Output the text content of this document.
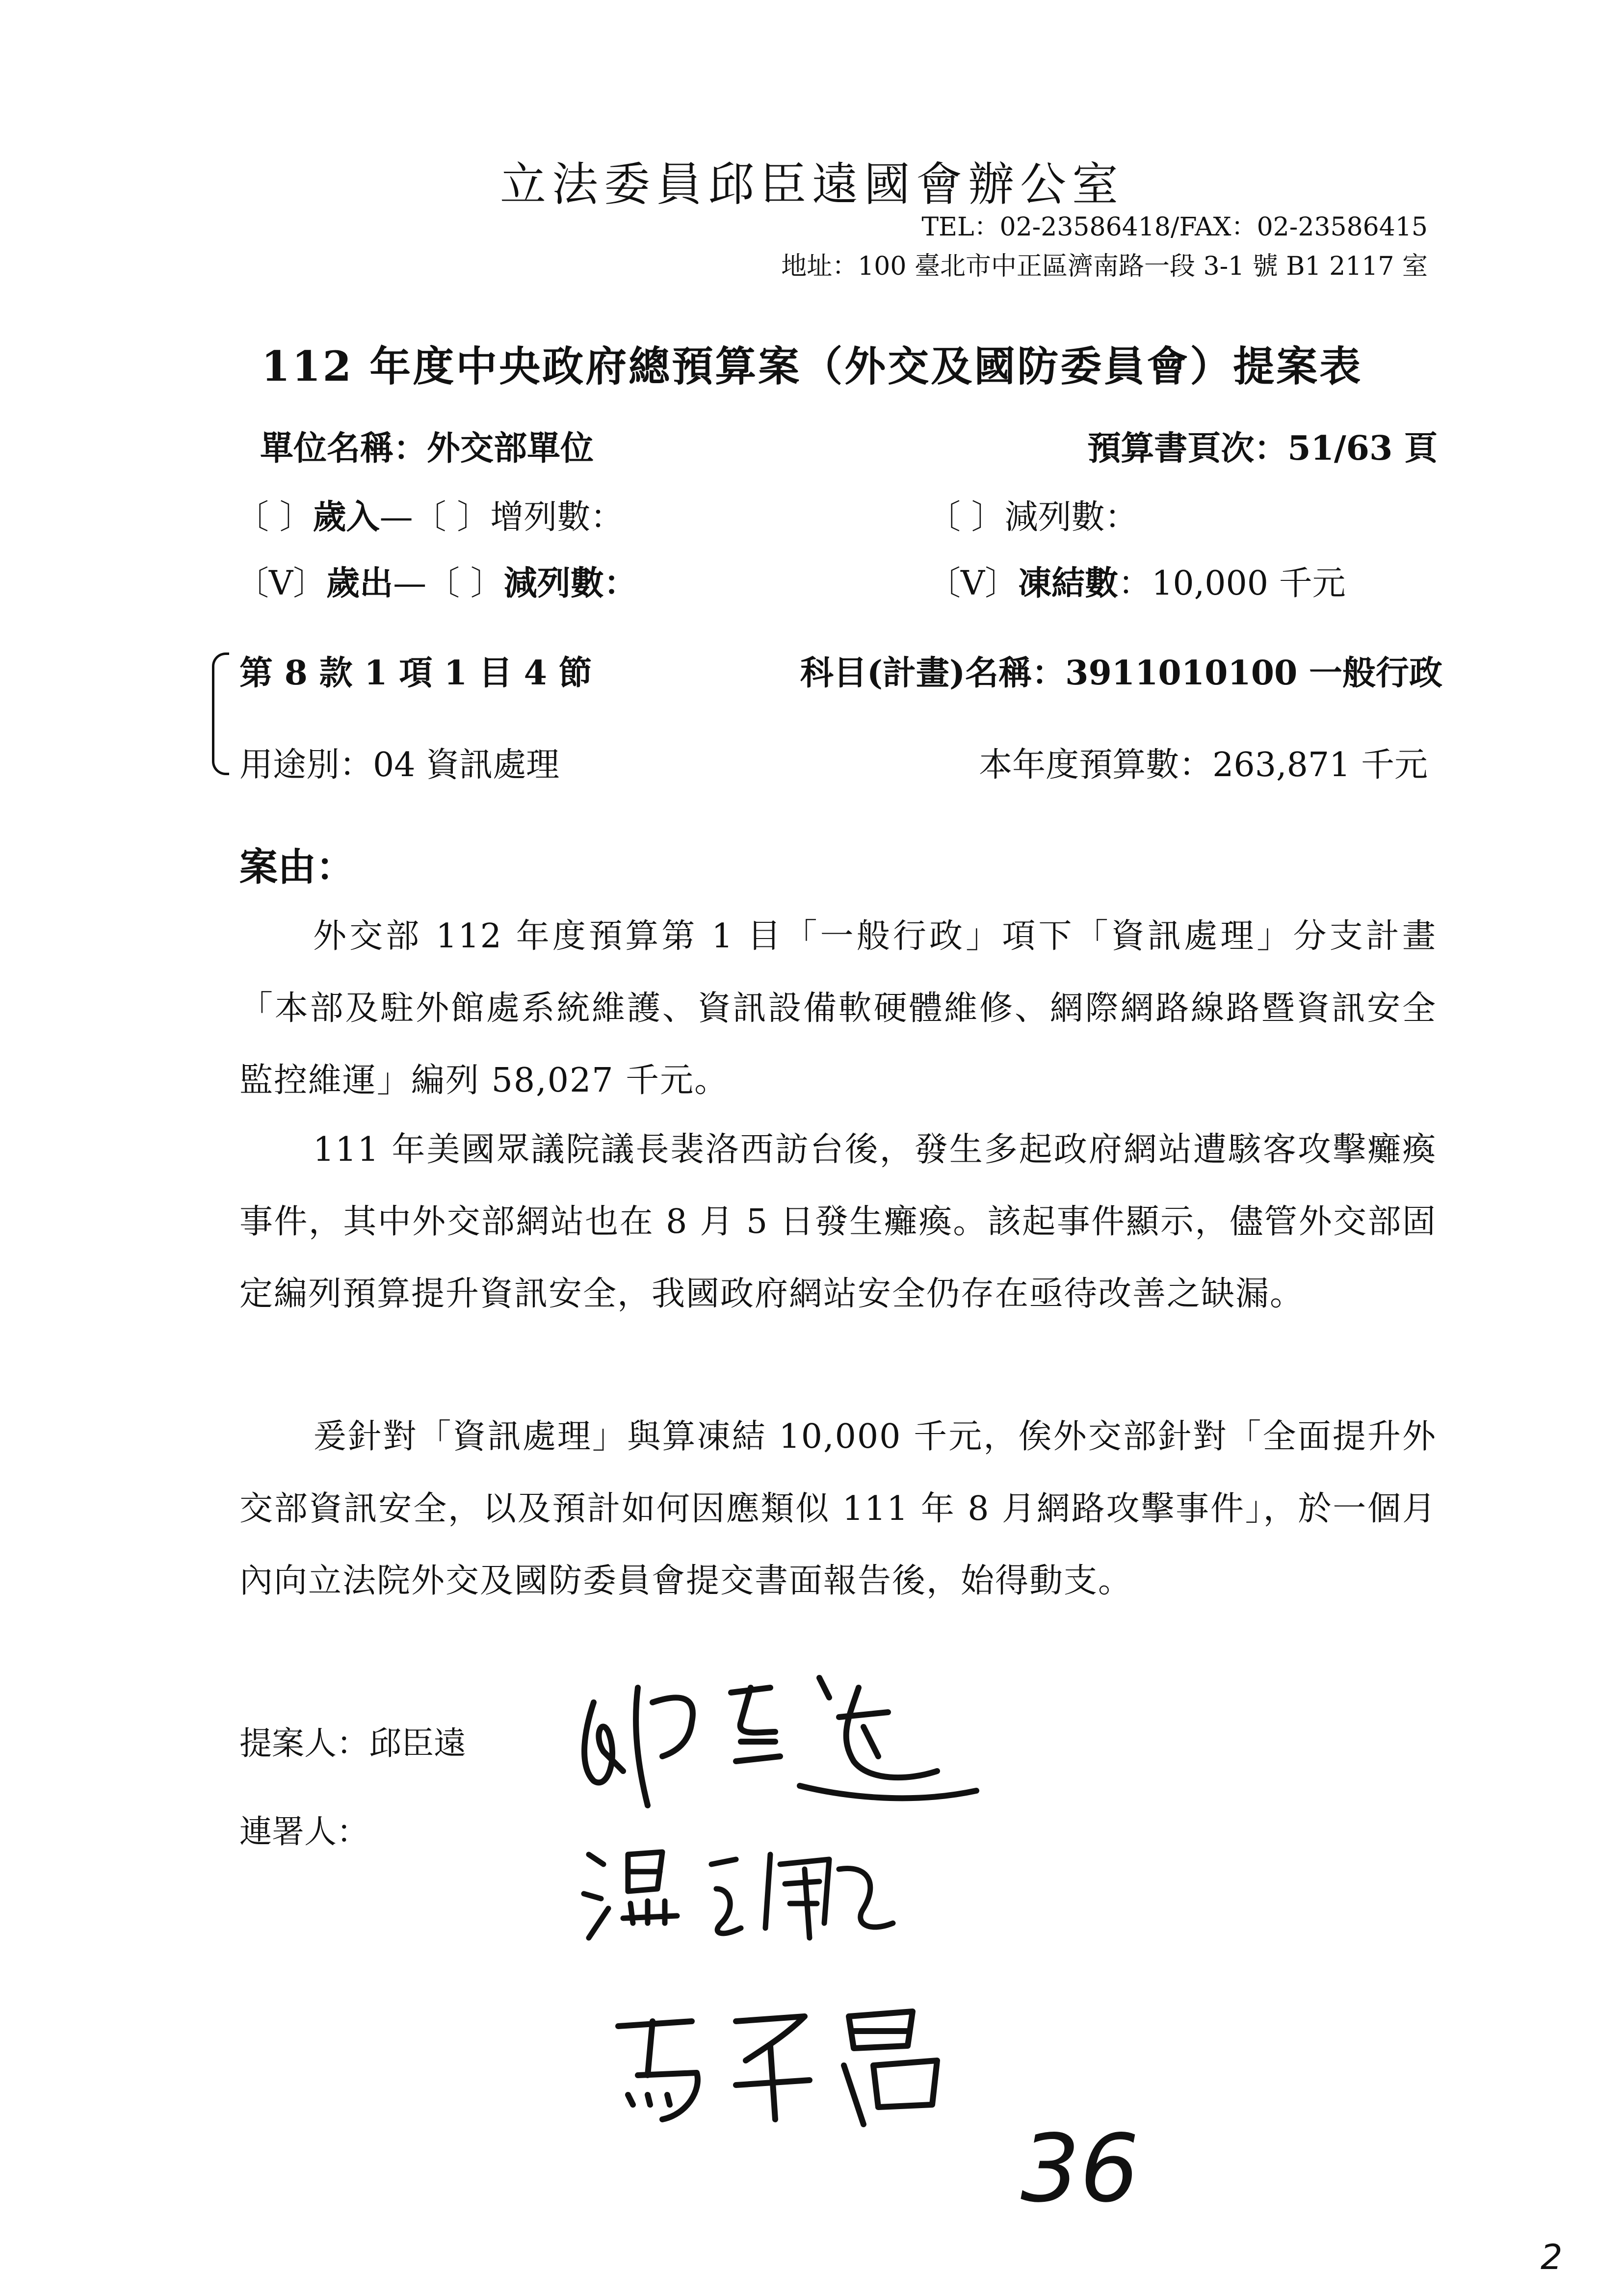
立法委員邱臣遠國會辦公室
TEL：02-23586418/FAX：02-23586415
地址：100 臺北市中正區濟南路一段 3-1 號 B1 2117 室
112 年度中央政府總預算案（外交及國防委員會）提案表
單位名稱：外交部單位	預算書頁次：51/63 頁
〔 〕歲入—〔 〕增列數：	〔 〕減列數：
〔V〕歲出—〔 〕減列數：	〔V〕凍結數：10,000 千元
第 8 款 1 項 1 目 4 節	科目(計畫)名稱：3911010100 一般行政
用途別：04 資訊處理	本年度預算數：263,871 千元
案由：
外交部 112 年度預算第 1 目「一般行政」項下「資訊處理」分支計畫「本部及駐外館處系統維護、資訊設備軟硬體維修、網際網路線路暨資訊安全監控維運」編列 58,027 千元。
111 年美國眾議院議長裴洛西訪台後，發生多起政府網站遭駭客攻擊癱瘓事件，其中外交部網站也在 8 月 5 日發生癱瘓。該起事件顯示，儘管外交部固定編列預算提升資訊安全，我國政府網站安全仍存在亟待改善之缺漏。
爰針對「資訊處理」與算凍結 10,000 千元，俟外交部針對「全面提升外交部資訊安全，以及預計如何因應類似 111 年 8 月網路攻擊事件」，於一個月內向立法院外交及國防委員會提交書面報告後，始得動支。
提案人：邱臣遠
連署人：
36
2
